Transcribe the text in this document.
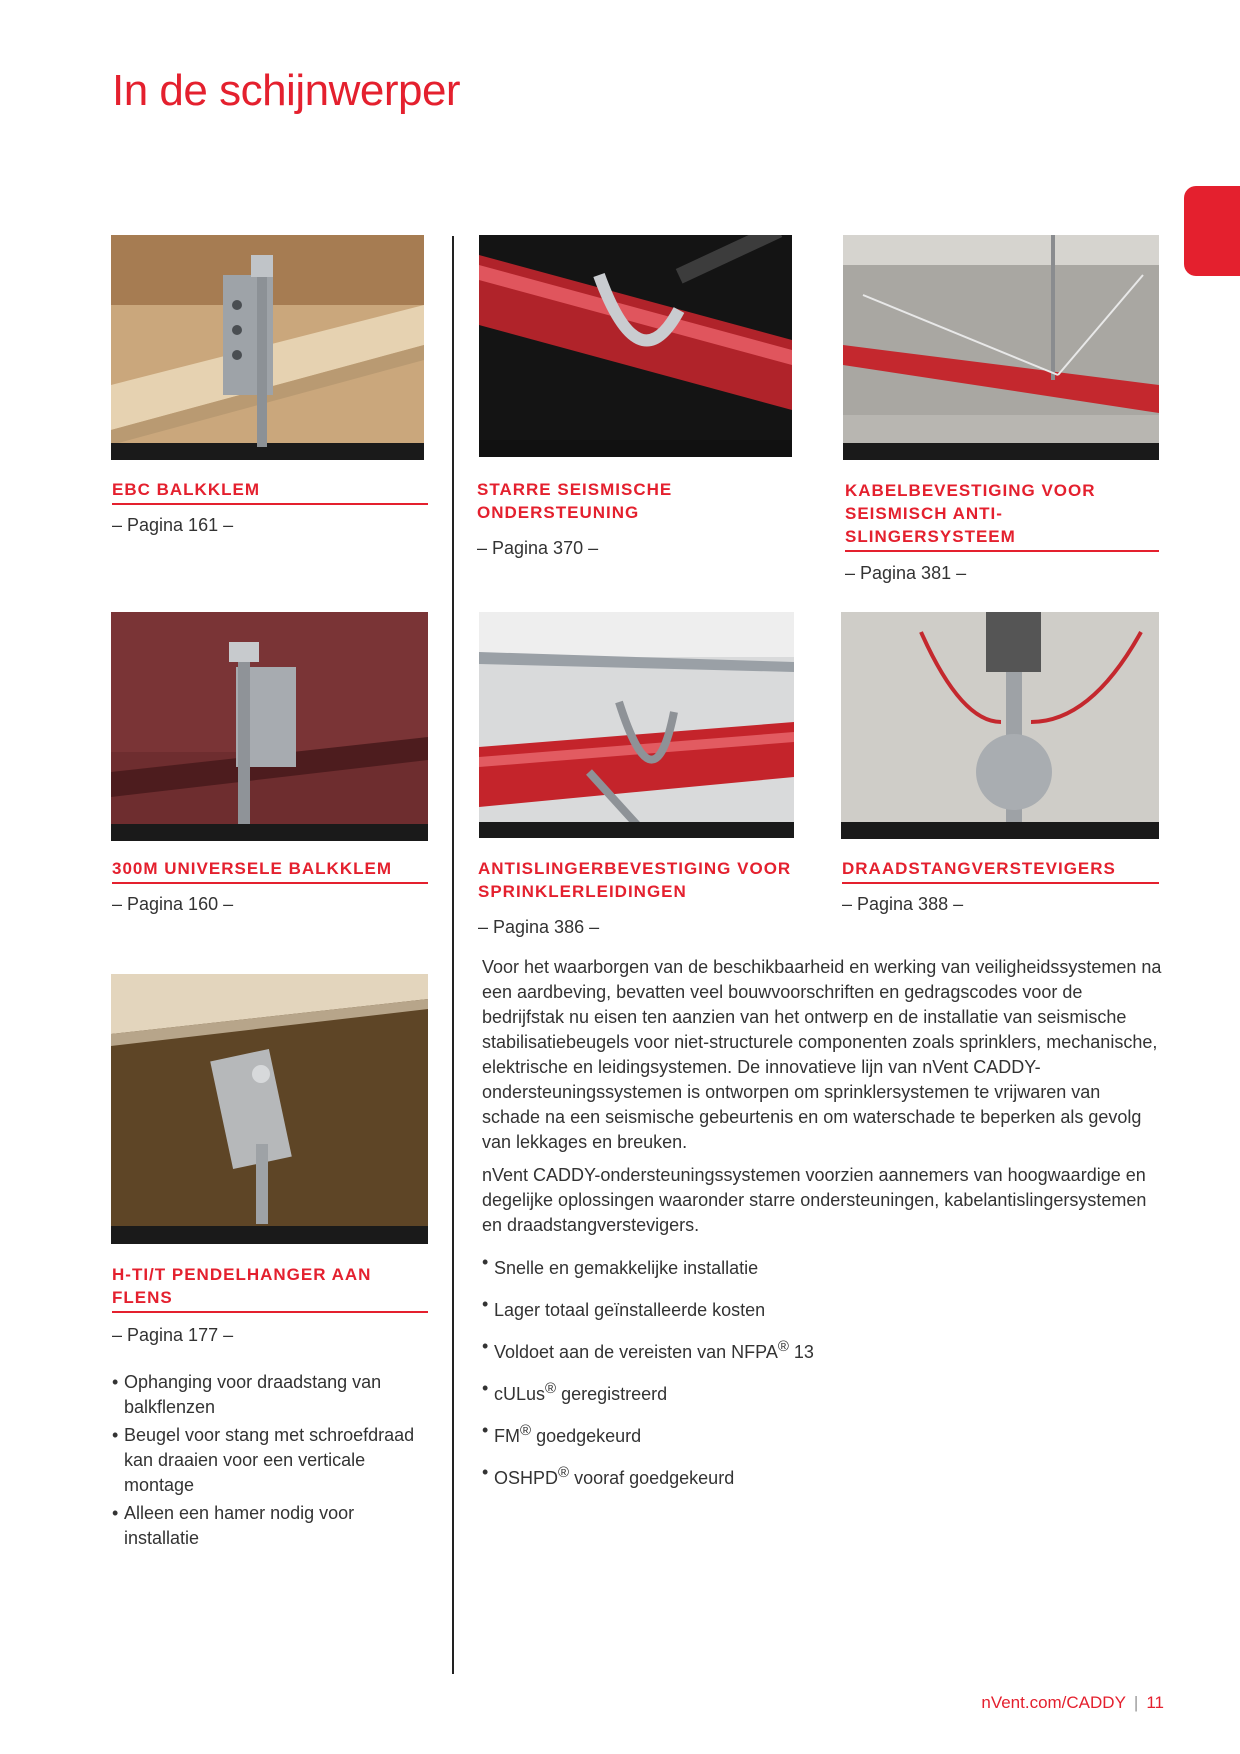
In de schijnwerper
EBC BALKKLEM

– Pagina 161 –

STARRE SEISMISCHE ONDERSTEUNING

– Pagina 370 –

KABELBEVESTIGING VOOR SEISMISCH ANTI-SLINGERSYSTEEM

– Pagina 381 –

300M UNIVERSELE BALKKLEM

– Pagina 160 –

ANTISLINGERBEVESTIGING VOOR SPRINKLERLEIDINGEN

– Pagina 386 –

DRAADSTANGVERSTEVIGERS

– Pagina 388 –

H-TI/T PENDELHANGER AAN FLENS

– Pagina 177 –

• Ophanging voor draadstang van balkflenzen
• Beugel voor stang met schroefdraad kan draaien voor een verticale montage
• Alleen een hamer nodig voor installatie

Voor het waarborgen van de beschikbaarheid en werking van veiligheidssystemen na een aardbeving, bevatten veel bouwvoorschriften en gedragscodes voor de bedrijfstak nu eisen ten aanzien van het ontwerp en de installatie van seismische stabilisatiebeugels voor niet-structurele componenten zoals sprinklers, mechanische, elektrische en leidingsystemen. De innovatieve lijn van nVent CADDY-ondersteuningssystemen is ontworpen om sprinklersystemen te vrijwaren van schade na een seismische gebeurtenis en om waterschade te beperken als gevolg van lekkages en breuken.

nVent CADDY-ondersteuningssystemen voorzien aannemers van hoogwaardige en degelijke oplossingen waaronder starre ondersteuningen, kabelantislingersystemen en draadstangverstevigers.

• Snelle en gemakkelijke installatie
• Lager totaal geïnstalleerde kosten
• Voldoet aan de vereisten van NFPA® 13
• cULus® geregistreerd
• FM® goedgekeurd
• OSHPD® vooraf goedgekeurd
nVent.com/CADDY | 11
